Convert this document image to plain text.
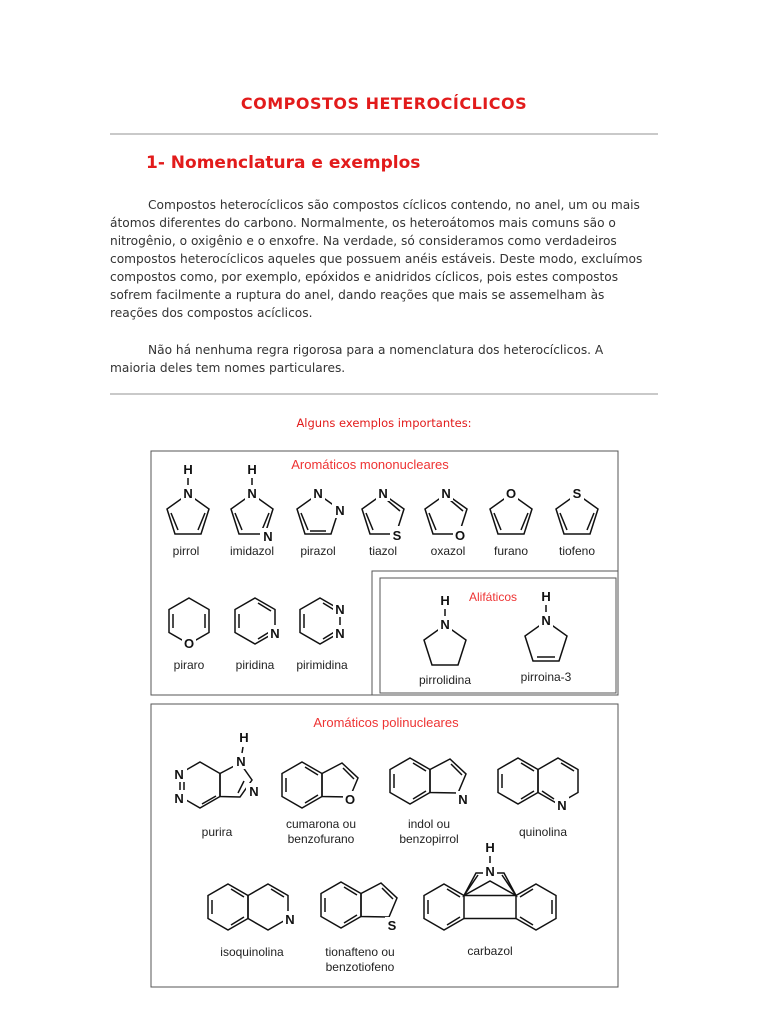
COMPOSTOS HETEROCÍCLICOS
1- Nomenclatura e exemplos

Compostos heterocíclicos são compostos cíclicos contendo, no anel, um ou mais átomos diferentes do carbono. Normalmente, os heteroátomos mais comuns são o nitrogênio, o oxigênio e o enxofre. Na verdade, só consideramos como verdadeiros compostos heterocíclicos aqueles que possuem anéis estáveis. Deste modo, excluímos compostos como, por exemplo, epóxidos e anidridos cíclicos, pois estes compostos sofrem facilmente a ruptura do anel, dando reações que mais se assemelham às reações dos compostos acíclicos.

Não há nenhuma regra rigorosa para a nomenclatura dos heterocíclicos. A maioria deles tem nomes particulares.

Alguns exemplos importantes:
Aromáticos mononucleares
Alifáticos
Aromáticos polinucleares
N
H
pirrol
N
N
H
imidazol
N
N
pirazol
N
S
tiazol
N
O
oxazol
O
furano
S
tiofeno
O
piraro
N
piridina
N
N
pirimidina
N
H
pirrolidina
N
H
pirroina-3
N
N
N
N
H
purira
O
cumarona ou
benzofurano
N
indol ou
benzopirrol
N
quinolina
N
isoquinolina
S
tionafteno ou
benzotiofeno
N
H
carbazol
